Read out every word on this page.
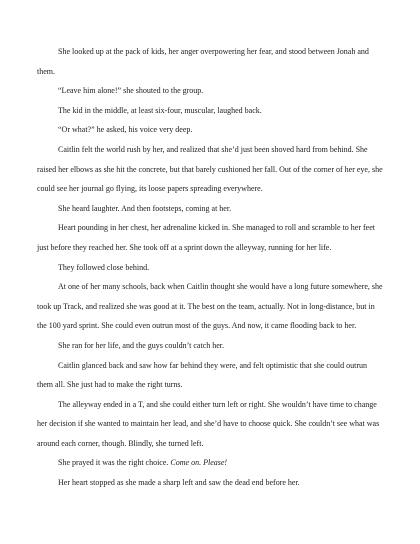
She looked up at the pack of kids, her anger overpowering her fear, and stood between Jonah and them.

“Leave him alone!” she shouted to the group.

The kid in the middle, at least six-four, muscular, laughed back.

“Or what?” he asked, his voice very deep.

Caitlin felt the world rush by her, and realized that she’d just been shoved hard from behind. She raised her elbows as she hit the concrete, but that barely cushioned her fall. Out of the corner of her eye, she could see her journal go flying, its loose papers spreading everywhere.

She heard laughter. And then footsteps, coming at her.

Heart pounding in her chest, her adrenaline kicked in. She managed to roll and scramble to her feet just before they reached her. She took off at a sprint down the alleyway, running for her life.

They followed close behind.

At one of her many schools, back when Caitlin thought she would have a long future somewhere, she took up Track, and realized she was good at it. The best on the team, actually. Not in long-distance, but in the 100 yard sprint. She could even outrun most of the guys. And now, it came flooding back to her.

She ran for her life, and the guys couldn’t catch her.

Caitlin glanced back and saw how far behind they were, and felt optimistic that she could outrun them all. She just had to make the right turns.

The alleyway ended in a T, and she could either turn left or right. She wouldn’t have time to change her decision if she wanted to maintain her lead, and she’d have to choose quick. She couldn’t see what was around each corner, though. Blindly, she turned left.

She prayed it was the right choice. Come on. Please!

Her heart stopped as she made a sharp left and saw the dead end before her.
